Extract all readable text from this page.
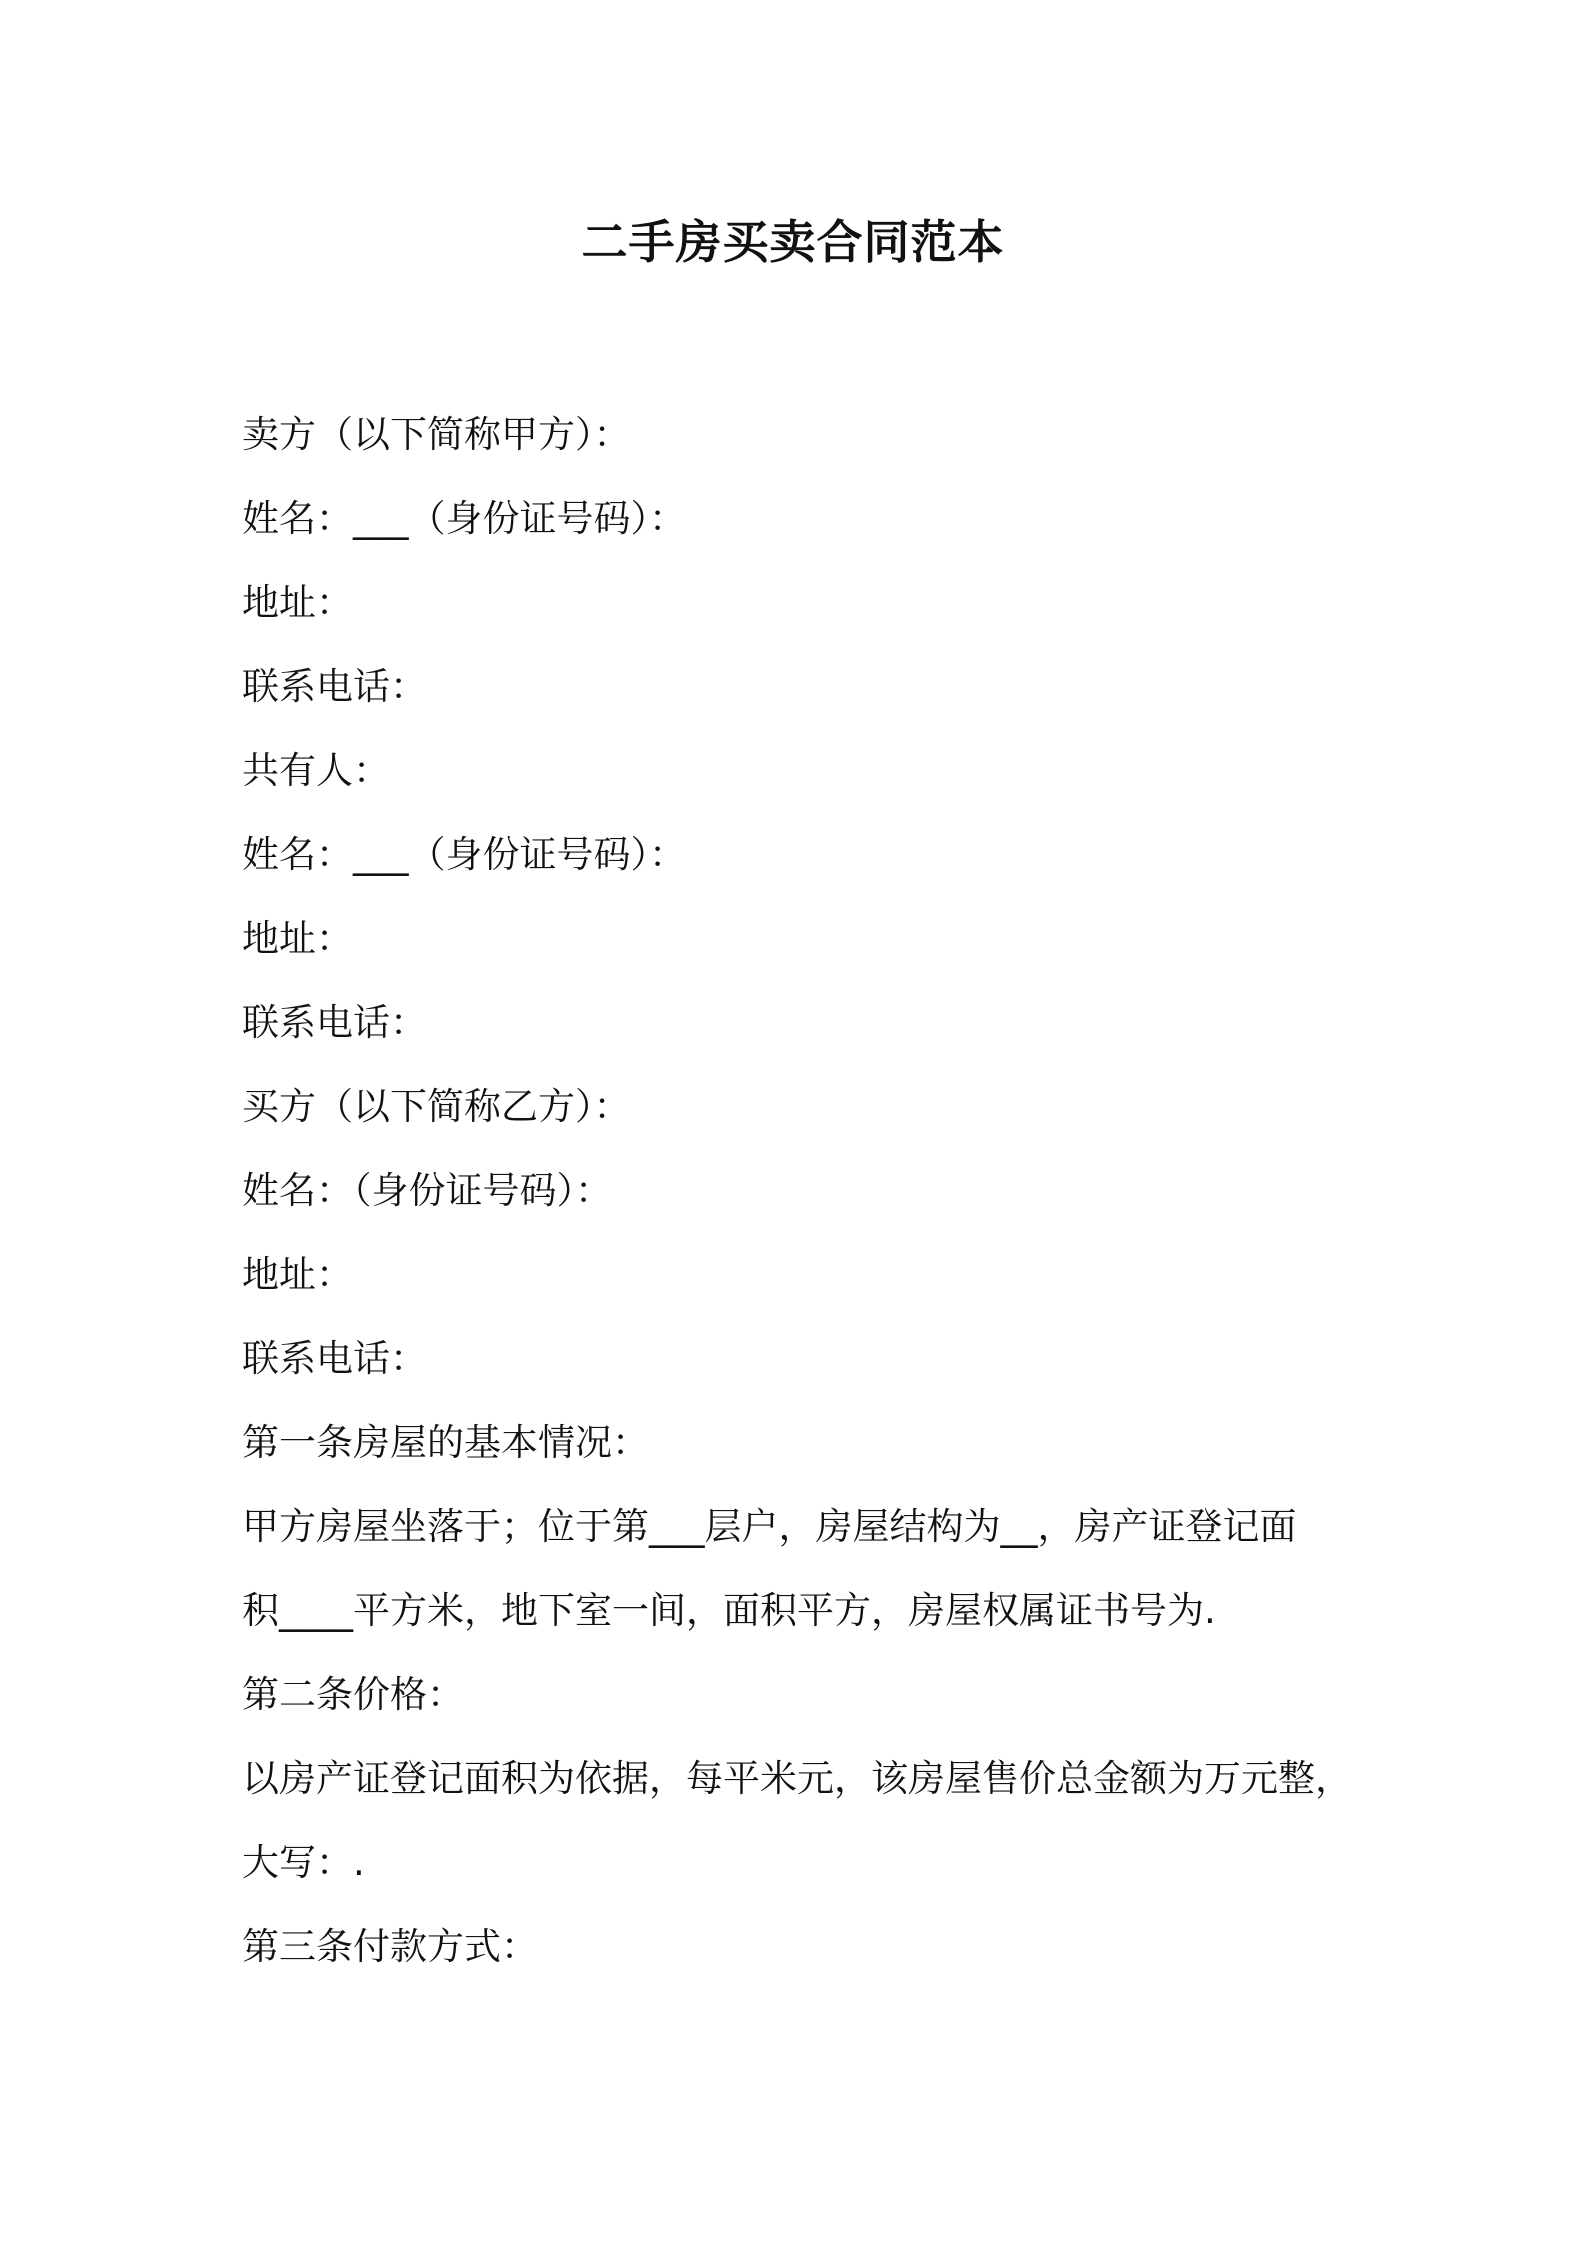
二手房买卖合同范本

卖方（以下简称甲方）：

姓名：___（身份证号码）：

地址：

联系电话：

共有人：

姓名：___（身份证号码）：

地址：

联系电话：

买方（以下简称乙方）：

姓名：（身份证号码）：

地址：

联系电话：

第一条房屋的基本情况：

甲方房屋坐落于；位于第___层户，房屋结构为__，房产证登记面

积____平方米，地下室一间，面积平方，房屋权属证书号为.

第二条价格：

以房产证登记面积为依据，每平米元，该房屋售价总金额为万元整，

大写：.

第三条付款方式：
